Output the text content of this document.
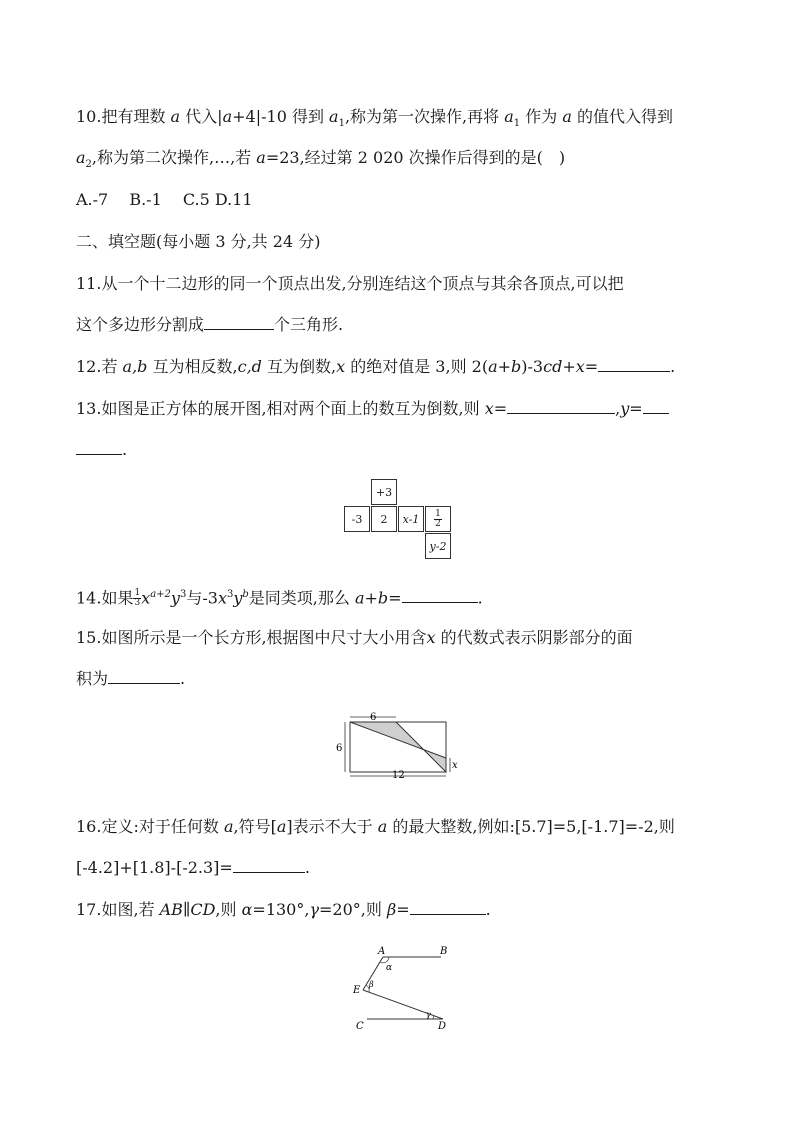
10.把有理数 a 代入|a+4|-10 得到 $a_1$,称为第一次操作,再将 $a_1$ 作为 a 的值代入得到
$a_2$,称为第二次操作,…,若 a=23,经过第 2 020 次操作后得到的是(　)
A.-7　 B.-1　 C.5 D.11
二、填空题(每小题 3 分,共 24 分)
11.从一个十二边形的同一个顶点出发,分别连结这个顶点与其余各顶点,可以把
这个多边形分割成	个三角形.
12.若 a,b 互为相反数,c,d 互为倒数,x 的绝对值是 3,则 2(a+b)-3cd+x=	.
13.如图是正方体的展开图,相对两个面上的数互为倒数,则 x=	,y=
.
+3
-3	2	x-1	$\frac{1}{2}$
y-2
14.如果 $\frac{1}{3} x^{a+2}y^3$与$-3x^3y^b$是同类项,那么 a+b=	.
15.如图所示是一个长方形,根据图中尺寸大小用含x 的代数式表示阴影部分的面
积为	.
6
6
12
x
16.定义:对于任何数 a,符号[a]表示不大于 a 的最大整数,例如:[5.7]=5,[-1.7]=-2,则
[-4.2]+[1.8]-[-2.3]=	.
17.如图,若 AB∥CD,则 α=130°,γ=20°,则 β=	.
A	B
E
C	D
α
β
γ
